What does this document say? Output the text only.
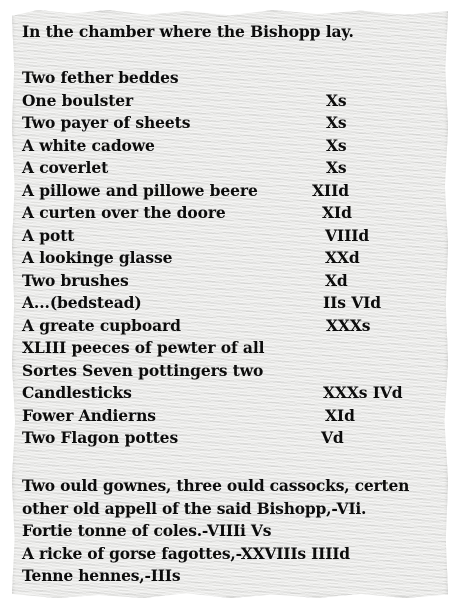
In the chamber where the Bishopp lay.
Two fether beddes
One boulster	Xs
Two payer of sheets	Xs
A white cadowe	Xs
A coverlet	Xs
A pillowe and pillowe beere	XIId
A curten over the doore	XId
A pott	VIIId
A lookinge glasse	XXd
Two brushes	Xd
A...(bedstead)	IIs VId
A greate cupboard	XXXs
XLIII peeces of pewter of all
Sortes Seven pottingers two
Candlesticks	XXXs IVd
Fower Andierns	XId
Two Flagon pottes	Vd
Two ould gownes, three ould cassocks, certen
other old appell of the said Bishopp,-VIi.
Fortie tonne of coles.-VIIIi Vs
A ricke of gorse fagottes,-XXVIIIs IIIId
Tenne hennes,-IIIs
